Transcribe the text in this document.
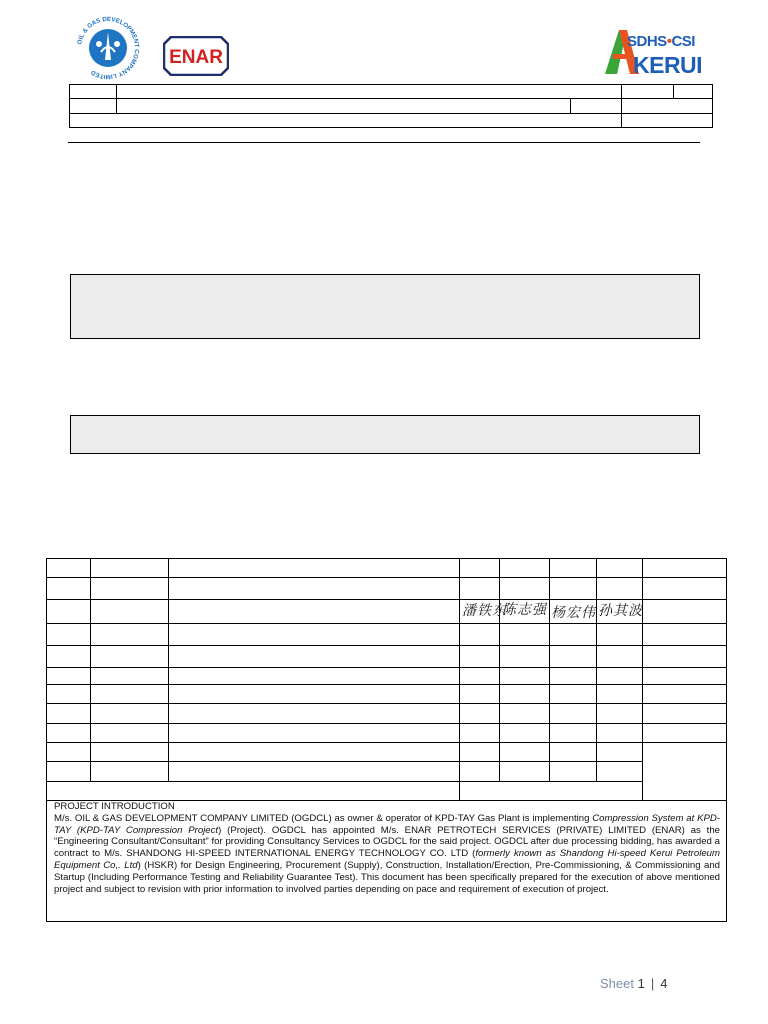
OIL & GAS DEVELOPMENT COMPANY LIMITED
ENAR
SDHS•CSI
KERUI
潘铁东
陈志强 杨宏伟 孙其波
PROJECT INTRODUCTION
M/s. OIL & GAS DEVELOPMENT COMPANY LIMITED (OGDCL) as owner & operator of KPD-TAY Gas Plant is implementing Compression System at KPD-TAY (KPD-TAY Compression Project) (Project). OGDCL has appointed M/s. ENAR PETROTECH SERVICES (PRIVATE) LIMITED (ENAR) as the “Engineering Consultant/Consultant” for providing Consultancy Services to OGDCL for the said project. OGDCL after due processing bidding, has awarded a contract to M/s. SHANDONG HI-SPEED INTERNATIONAL ENERGY TECHNOLOGY CO. LTD (formerly known as Shandong Hi-speed Kerui Petroleum Equipment Co,. Ltd) (HSKR) for Design Engineering, Procurement (Supply), Construction, Installation/Erection, Pre-Commissioning, & Commissioning and Startup (Including Performance Testing and Reliability Guarantee Test). This document has been specifically prepared for the execution of above mentioned project and subject to revision with prior information to involved parties depending on pace and requirement of execution of project.
Sheet 1 | 4
